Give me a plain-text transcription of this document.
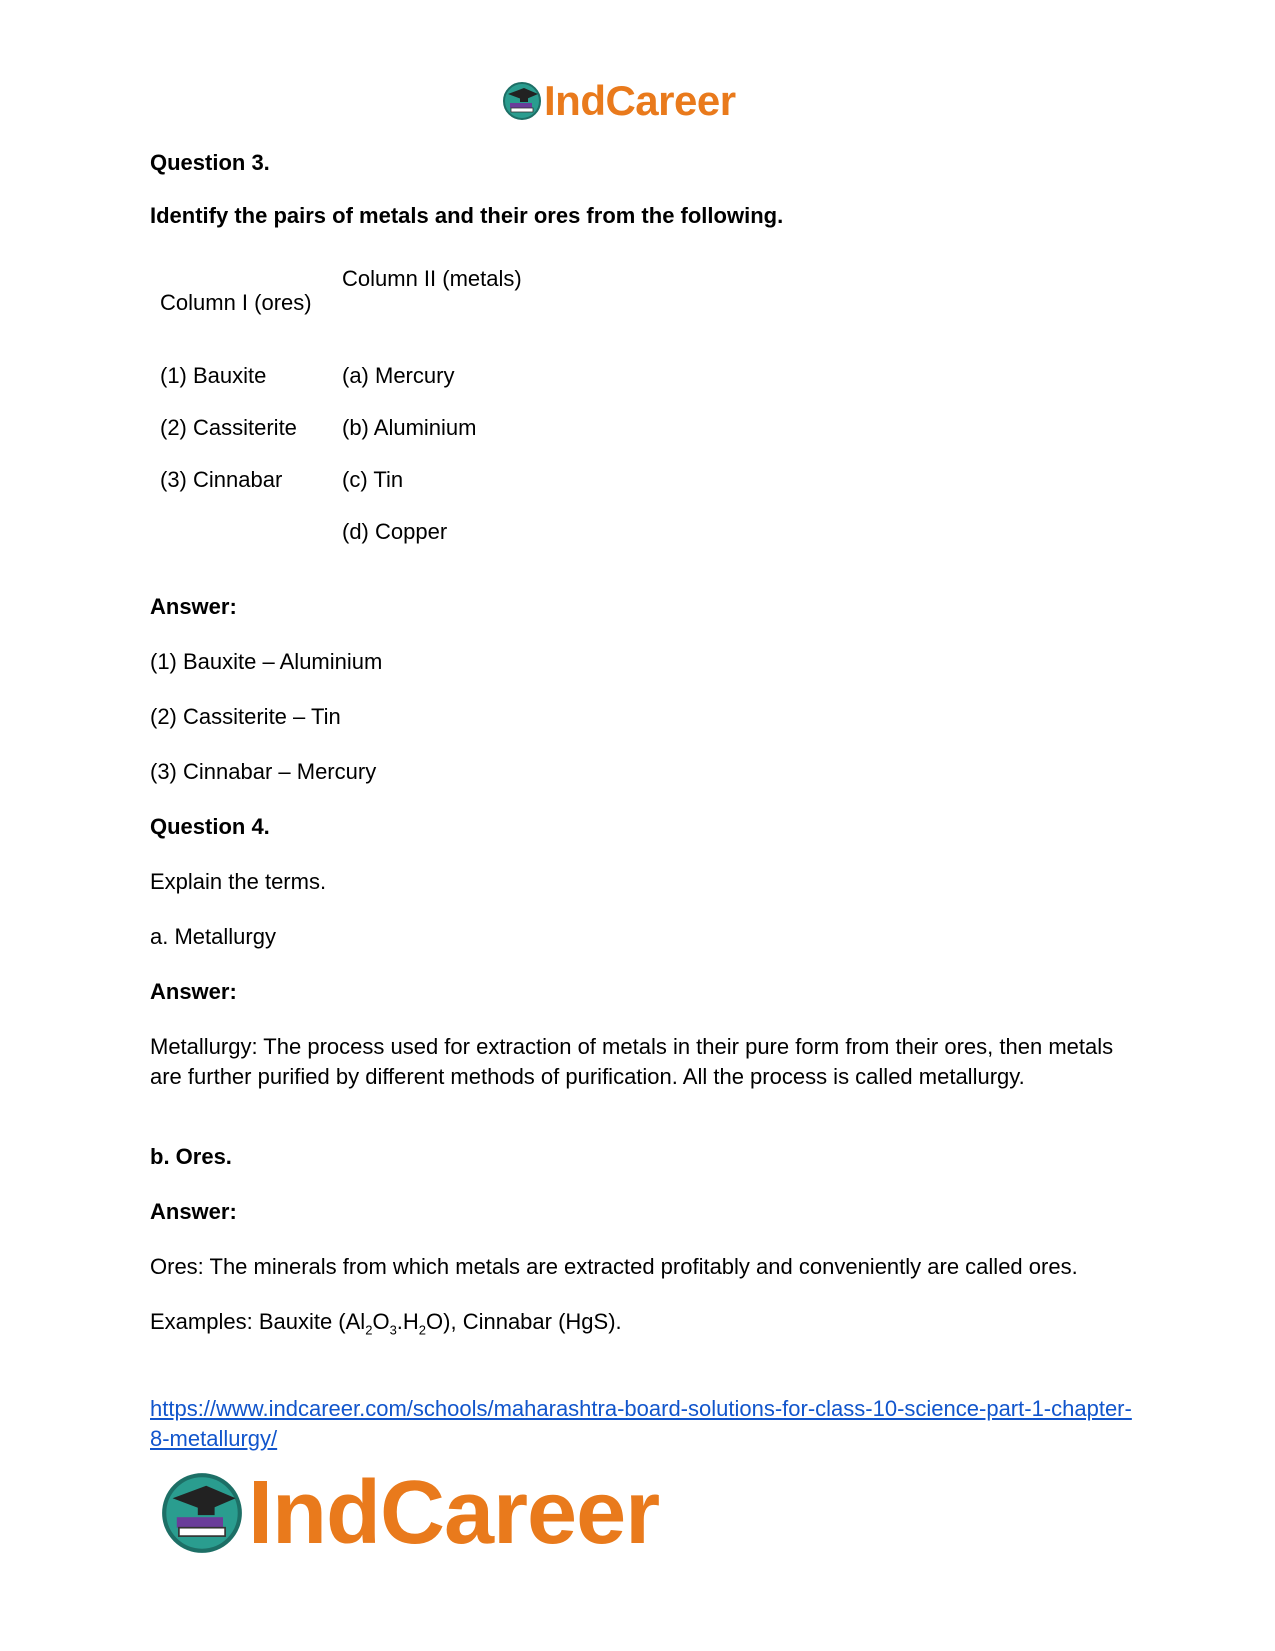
IndCareer
Question 3.
Identify the pairs of metals and their ores from the following.
Column II (metals)
Column I (ores)
(1) Bauxite
(2) Cassiterite
(3) Cinnabar
(a) Mercury
(b) Aluminium
(c) Tin
(d) Copper
Answer:
(1) Bauxite – Aluminium
(2) Cassiterite – Tin
(3) Cinnabar – Mercury
Question 4.
Explain the terms.
a. Metallurgy
Answer:
Metallurgy: The process used for extraction of metals in their pure form from their ores, then metals are further purified by different methods of purification. All the process is called metallurgy.
b. Ores.
Answer:
Ores: The minerals from which metals are extracted profitably and conveniently are called ores.
Examples: Bauxite $(Al_2O_3.H_2O)$, Cinnabar (HgS).
https://www.indcareer.com/schools/maharashtra-board-solutions-for-class-10-science-part-1-chapter-8-metallurgy/
IndCareer
